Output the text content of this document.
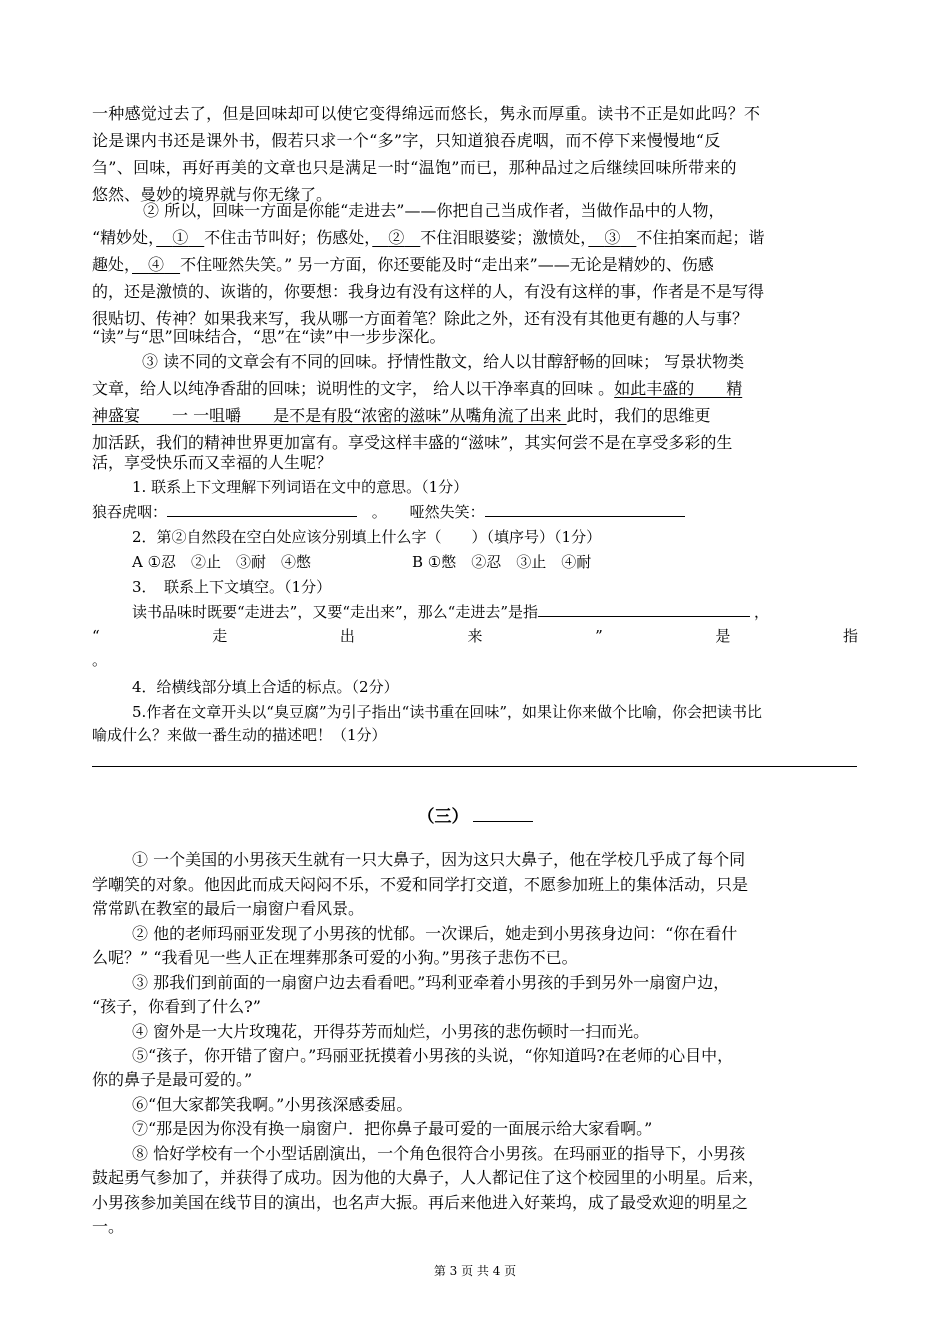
一种感觉过去了，但是回味却可以使它变得绵远而悠长，隽永而厚重。读书不正是如此吗？不
论是课内书还是课外书，假若只求一个“多”字，只知道狼吞虎咽，而不停下来慢慢地“反
刍”、回味，再好再美的文章也只是满足一时“温饱”而已，那种品过之后继续回味所带来的
悠然、曼妙的境界就与你无缘了。
② 所以，回味一方面是你能“走进去”——你把自己当成作者，当做作品中的人物，
“精妙处，　 ①　 不住击节叫好；伤感处，　 ②　 不住泪眼婆娑；激愤处，　 ③　 不住拍案而起；谐
趣处，　 ④　 不住哑然失笑。” 另一方面，你还要能及时“走出来”——无论是精妙的、伤感
的，还是激愤的、诙谐的，你要想：我身边有没有这样的人，有没有这样的事，作者是不是写得
很贴切、传神？如果我来写，我从哪一方面着笔？除此之外，还有没有其他更有趣的人与事？
“读”与“思”回味结合，“思”在“读”中一步步深化。
③ 读不同的文章会有不同的回味。抒情性散文，给人以甘醇舒畅的回味； 写景状物类
文章，给人以纯净香甜的回味；说明性的文字， 给人以干净率真的回味 。如此丰盛的　　精
神盛宴　　一 一咀嚼　　是不是有股“浓密的滋味”从嘴角流了出来 此时，我们的思维更
加活跃，我们的精神世界更加富有。享受这样丰盛的“滋味”，其实何尝不是在享受多彩的生
活，享受快乐而又幸福的人生呢？
1. 联系上下文理解下列词语在文中的意思。（1分）
狼吞虎咽：	。 哑然失笑：
2．第②自然段在空白处应该分别填上什么字（　　）（填序号）（1分）
A ①忍　②止　③耐　④憋	B ①憋　②忍　③止　④耐
3．　联系上下文填空。（1分）
读书品味时既要“走进去”，又要“走出来”，那么“走进去”是指	，
“	走	出	来	”	是	指
。
4．给横线部分填上合适的标点。（2分）
5.作者在文章开头以“臭豆腐”为引子指出“读书重在回味”，如果让你来做个比喻，你会把读书比
喻成什么？来做一番生动的描述吧！（1分）
（三）
① 一个美国的小男孩天生就有一只大鼻子，因为这只大鼻子，他在学校几乎成了每个同
学嘲笑的对象。他因此而成天闷闷不乐，不爱和同学打交道，不愿参加班上的集体活动，只是
常常趴在教室的最后一扇窗户看风景。
② 他的老师玛丽亚发现了小男孩的忧郁。一次课后，她走到小男孩身边问：“你在看什
么呢？” “我看见一些人正在埋葬那条可爱的小狗。”男孩子悲伤不已。
③ 那我们到前面的一扇窗户边去看看吧。”玛利亚牵着小男孩的手到另外一扇窗户边，
“孩子，你看到了什么?”
④ 窗外是一大片玫瑰花，开得芬芳而灿烂，小男孩的悲伤顿时一扫而光。
⑤“孩子，你开错了窗户。”玛丽亚抚摸着小男孩的头说，“你知道吗?在老师的心目中，
你的鼻子是最可爱的。”
⑥“但大家都笑我啊。”小男孩深感委屈。
⑦“那是因为你没有换一扇窗户．把你鼻子最可爱的一面展示给大家看啊。”
⑧ 恰好学校有一个小型话剧演出，一个角色很符合小男孩。在玛丽亚的指导下，小男孩
鼓起勇气参加了，并获得了成功。因为他的大鼻子，人人都记住了这个校园里的小明星。后来，
小男孩参加美国在线节目的演出，也名声大振。再后来他进入好莱坞，成了最受欢迎的明星之
一。
第 3 页 共 4 页
